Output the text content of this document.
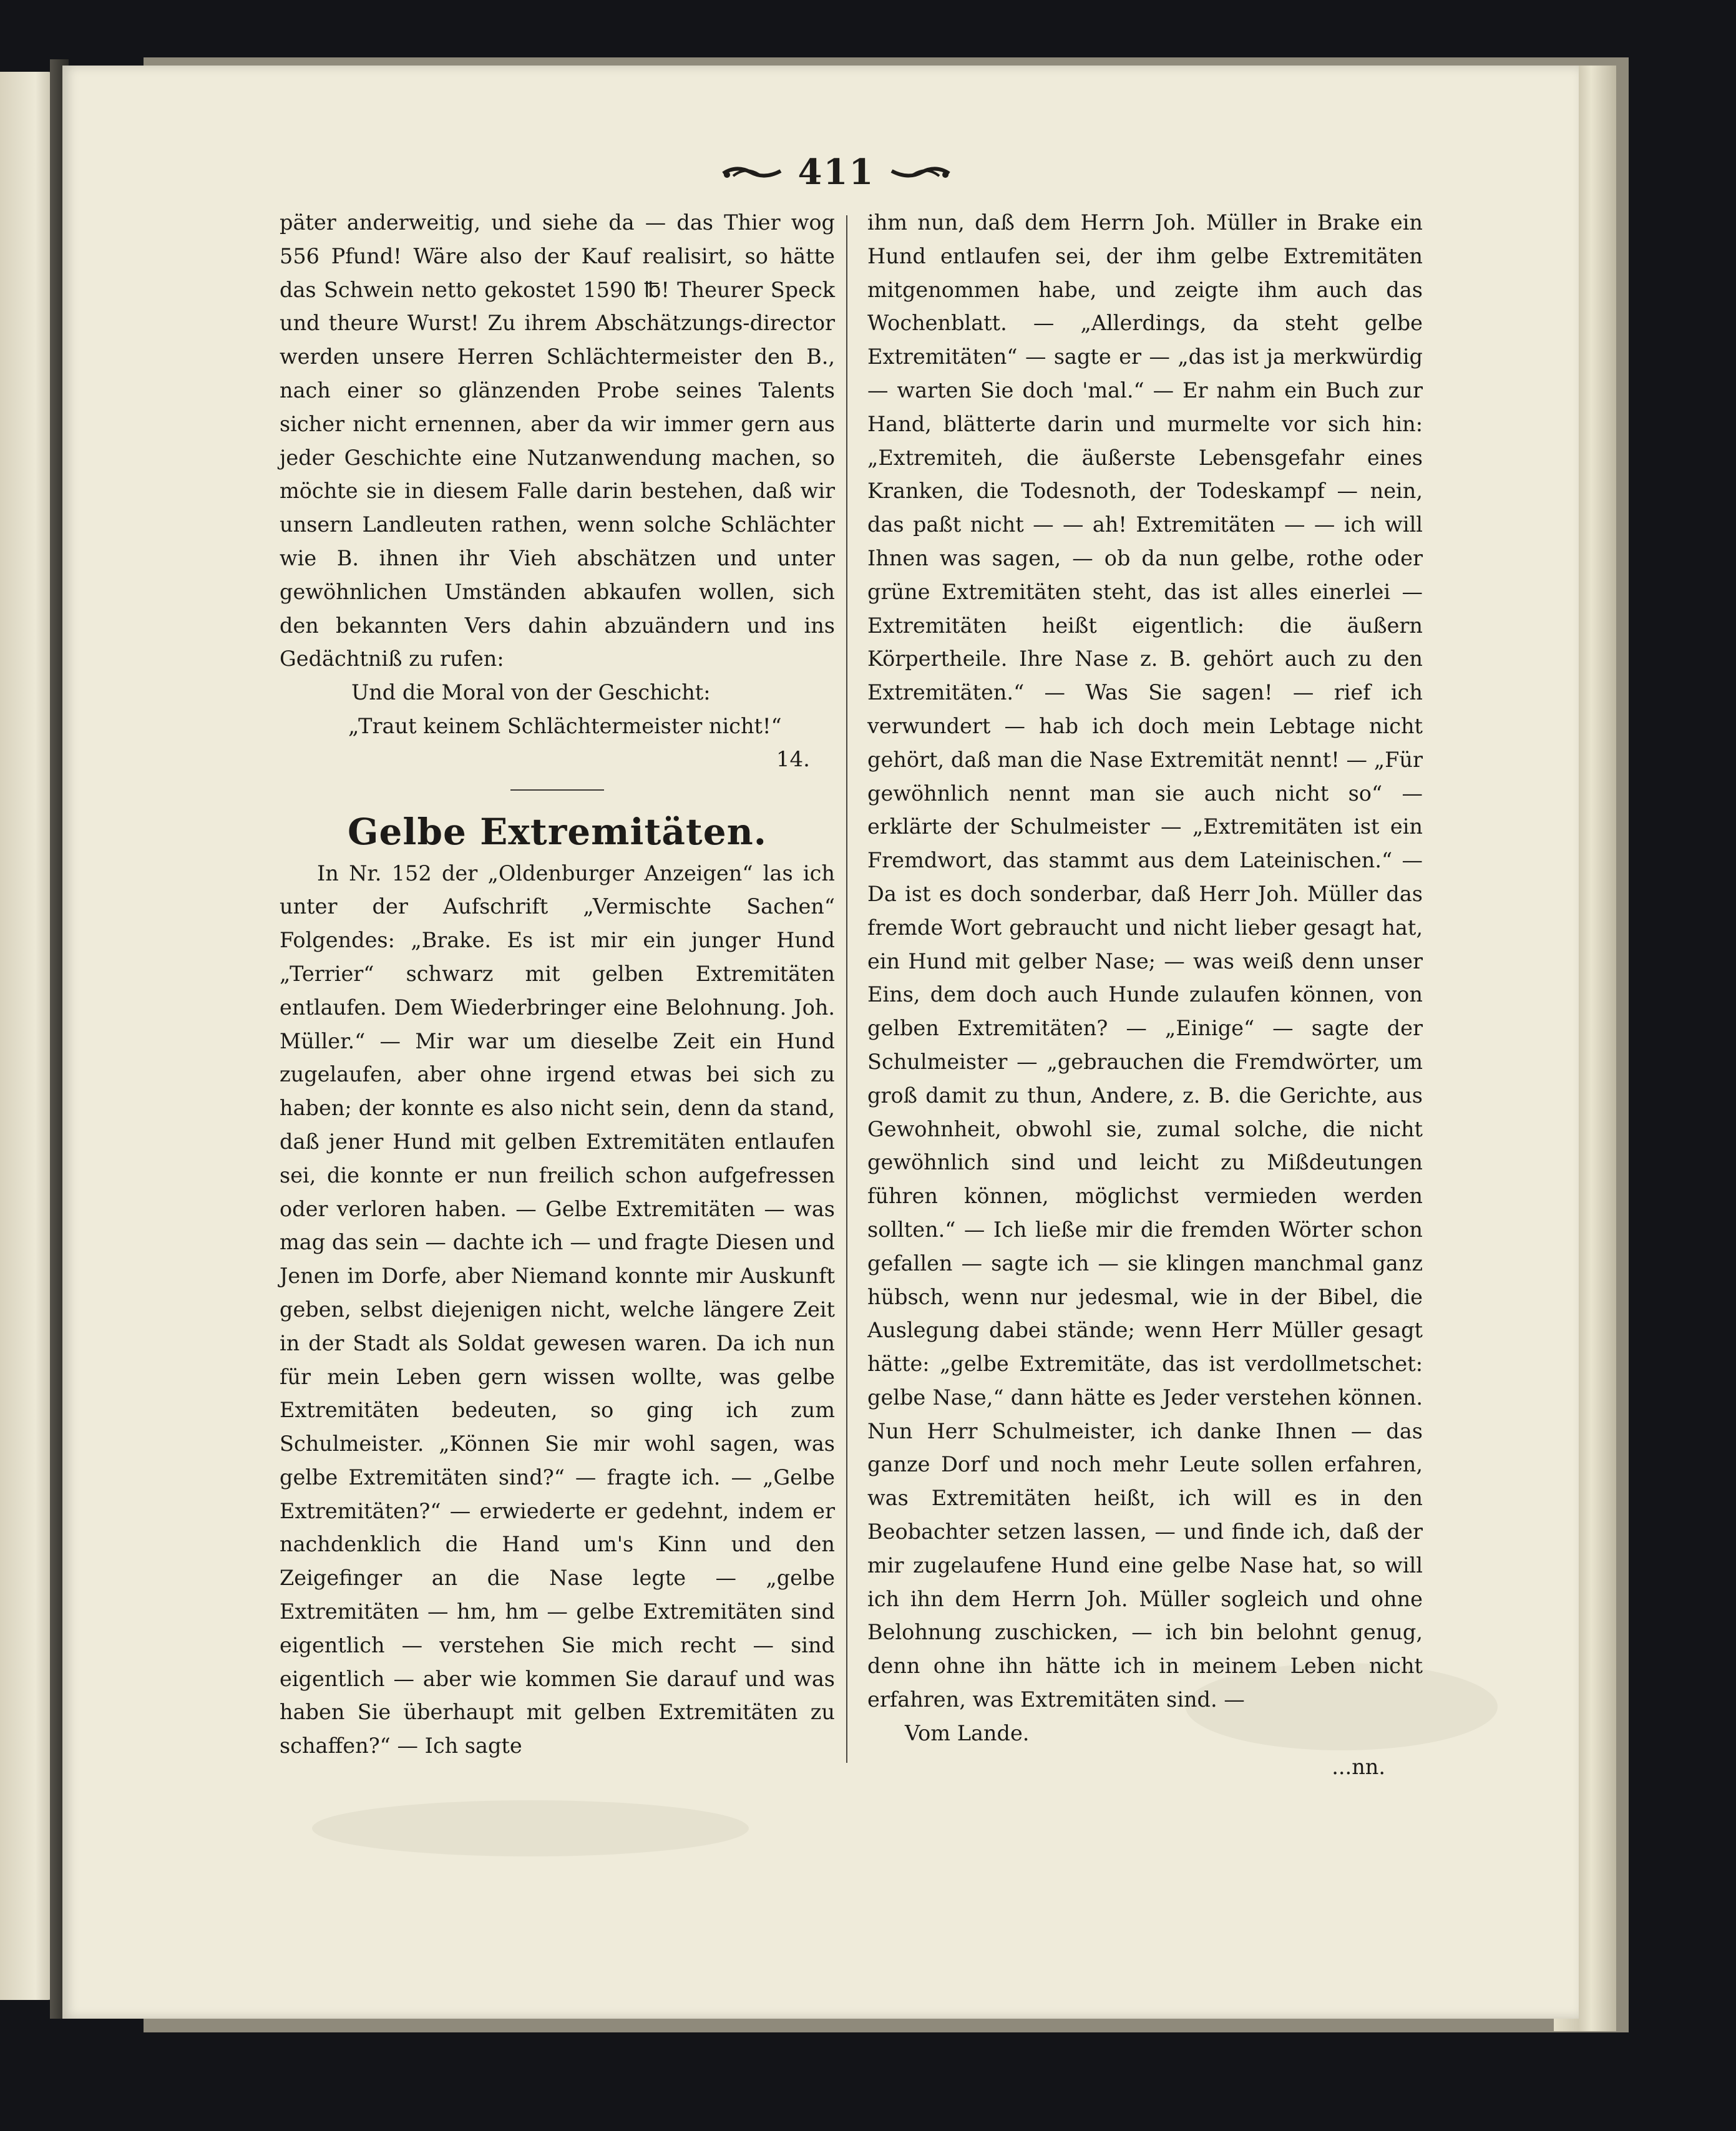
411

päter anderweitig, und siehe da — das Thier wog 556 Pfund! Wäre also der Kauf realisirt, so hätte das Schwein netto gekostet 1590 ℔! Theurer Speck und theure Wurst! Zu ihrem Abschätzungs-director werden unsere Herren Schlächtermeister den B., nach einer so glänzenden Probe seines Talents sicher nicht ernennen, aber da wir immer gern aus jeder Geschichte eine Nutzanwendung machen, so möchte sie in diesem Falle darin bestehen, daß wir unsern Landleuten rathen, wenn solche Schlächter wie B. ihnen ihr Vieh abschätzen und unter gewöhnlichen Umständen abkaufen wollen, sich den bekannten Vers dahin abzuändern und ins Gedächtniß zu rufen:

Und die Moral von der Geschicht:

„Traut keinem Schlächtermeister nicht!“

14.

Gelbe Extremitäten.

In Nr. 152 der „Oldenburger Anzeigen“ las ich unter der Aufschrift „Vermischte Sachen“ Folgendes: „Brake. Es ist mir ein junger Hund „Terrier“ schwarz mit gelben Extremitäten entlaufen. Dem Wiederbringer eine Belohnung. Joh. Müller.“ — Mir war um dieselbe Zeit ein Hund zugelaufen, aber ohne irgend etwas bei sich zu haben; der konnte es also nicht sein, denn da stand, daß jener Hund mit gelben Extremitäten entlaufen sei, die konnte er nun freilich schon aufgefressen oder verloren haben. — Gelbe Extremitäten — was mag das sein — dachte ich — und fragte Diesen und Jenen im Dorfe, aber Niemand konnte mir Auskunft geben, selbst diejenigen nicht, welche längere Zeit in der Stadt als Soldat gewesen waren. Da ich nun für mein Leben gern wissen wollte, was gelbe Extremitäten bedeuten, so ging ich zum Schulmeister. „Können Sie mir wohl sagen, was gelbe Extremitäten sind?“ — fragte ich. — „Gelbe Extremitäten?“ — erwiederte er gedehnt, indem er nachdenklich die Hand um's Kinn und den Zeigefinger an die Nase legte — „gelbe Extremitäten — hm, hm — gelbe Extremitäten sind eigentlich — verstehen Sie mich recht — sind eigentlich — aber wie kommen Sie darauf und was haben Sie überhaupt mit gelben Extremitäten zu schaffen?“ — Ich sagte

ihm nun, daß dem Herrn Joh. Müller in Brake ein Hund entlaufen sei, der ihm gelbe Extremitäten mitgenommen habe, und zeigte ihm auch das Wochenblatt. — „Allerdings, da steht gelbe Extremitäten“ — sagte er — „das ist ja merkwürdig — warten Sie doch 'mal.“ — Er nahm ein Buch zur Hand, blätterte darin und murmelte vor sich hin: „Extremiteh, die äußerste Lebensgefahr eines Kranken, die Todesnoth, der Todeskampf — nein, das paßt nicht — — ah! Extremitäten — — ich will Ihnen was sagen, — ob da nun gelbe, rothe oder grüne Extremitäten steht, das ist alles einerlei — Extremitäten heißt eigentlich: die äußern Körpertheile. Ihre Nase z. B. gehört auch zu den Extremitäten.“ — Was Sie sagen! — rief ich verwundert — hab ich doch mein Lebtage nicht gehört, daß man die Nase Extremität nennt! — „Für gewöhnlich nennt man sie auch nicht so“ — erklärte der Schulmeister — „Extremitäten ist ein Fremdwort, das stammt aus dem Lateinischen.“ — Da ist es doch sonderbar, daß Herr Joh. Müller das fremde Wort gebraucht und nicht lieber gesagt hat, ein Hund mit gelber Nase; — was weiß denn unser Eins, dem doch auch Hunde zulaufen können, von gelben Extremitäten? — „Einige“ — sagte der Schulmeister — „gebrauchen die Fremdwörter, um groß damit zu thun, Andere, z. B. die Gerichte, aus Gewohnheit, obwohl sie, zumal solche, die nicht gewöhnlich sind und leicht zu Mißdeutungen führen können, möglichst vermieden werden sollten.“ — Ich ließe mir die fremden Wörter schon gefallen — sagte ich — sie klingen manchmal ganz hübsch, wenn nur jedesmal, wie in der Bibel, die Auslegung dabei stände; wenn Herr Müller gesagt hätte: „gelbe Extremitäte, das ist verdollmetschet: gelbe Nase,“ dann hätte es Jeder verstehen können. Nun Herr Schulmeister, ich danke Ihnen — das ganze Dorf und noch mehr Leute sollen erfahren, was Extremitäten heißt, ich will es in den Beobachter setzen lassen, — und finde ich, daß der mir zugelaufene Hund eine gelbe Nase hat, so will ich ihn dem Herrn Joh. Müller sogleich und ohne Belohnung zuschicken, — ich bin belohnt genug, denn ohne ihn hätte ich in meinem Leben nicht erfahren, was Extremitäten sind. —

Vom Lande.

...nn.
